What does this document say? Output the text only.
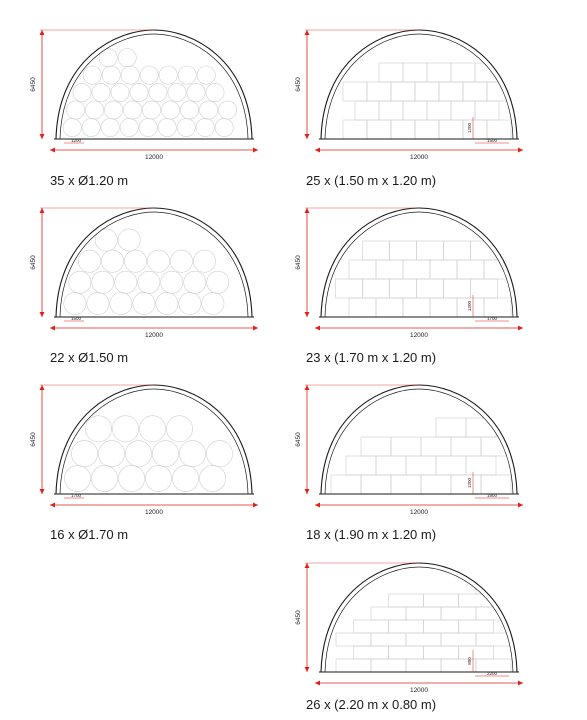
6450
12000
1200
35 x Ø1.20 m
6450
12000
1500
1200
25 x (1.50 m x 1.20 m)
6450
12000
1500
22 x Ø1.50 m
6450
12000
1700
1200
23 x (1.70 m x 1.20 m)
6450
12000
1700
16 x Ø1.70 m
6450
12000
1900
1200
18 x (1.90 m x 1.20 m)
6450
12000
2200
800
26 x (2.20 m x 0.80 m)
